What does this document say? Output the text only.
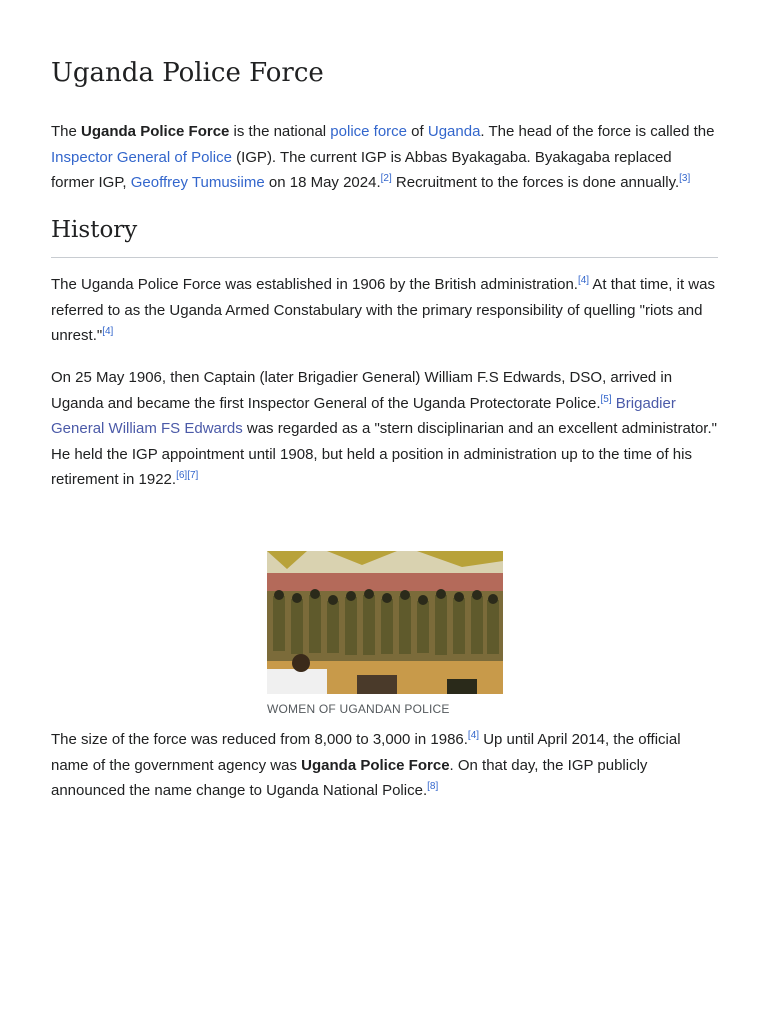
Uganda Police Force

The Uganda Police Force is the national police force of Uganda. The head of the force is called the Inspector General of Police (IGP). The current IGP is Abbas Byakagaba. Byakagaba replaced former IGP, Geoffrey Tumusiime on 18 May 2024.[2] Recruitment to the forces is done annually.[3]

History

The Uganda Police Force was established in 1906 by the British administration.[4] At that time, it was referred to as the Uganda Armed Constabulary with the primary responsibility of quelling "riots and unrest."[4]

On 25 May 1906, then Captain (later Brigadier General) William F.S Edwards, DSO, arrived in Uganda and became the first Inspector General of the Uganda Protectorate Police.[5] Brigadier General William FS Edwards was regarded as a "stern disciplinarian and an excellent administrator." He held the IGP appointment until 1908, but held a position in administration up to the time of his retirement in 1922.[6][7]

WOMEN OF UGANDAN POLICE

The size of the force was reduced from 8,000 to 3,000 in 1986.[4] Up until April 2014, the official name of the government agency was Uganda Police Force. On that day, the IGP publicly announced the name change to Uganda National Police.[8]
